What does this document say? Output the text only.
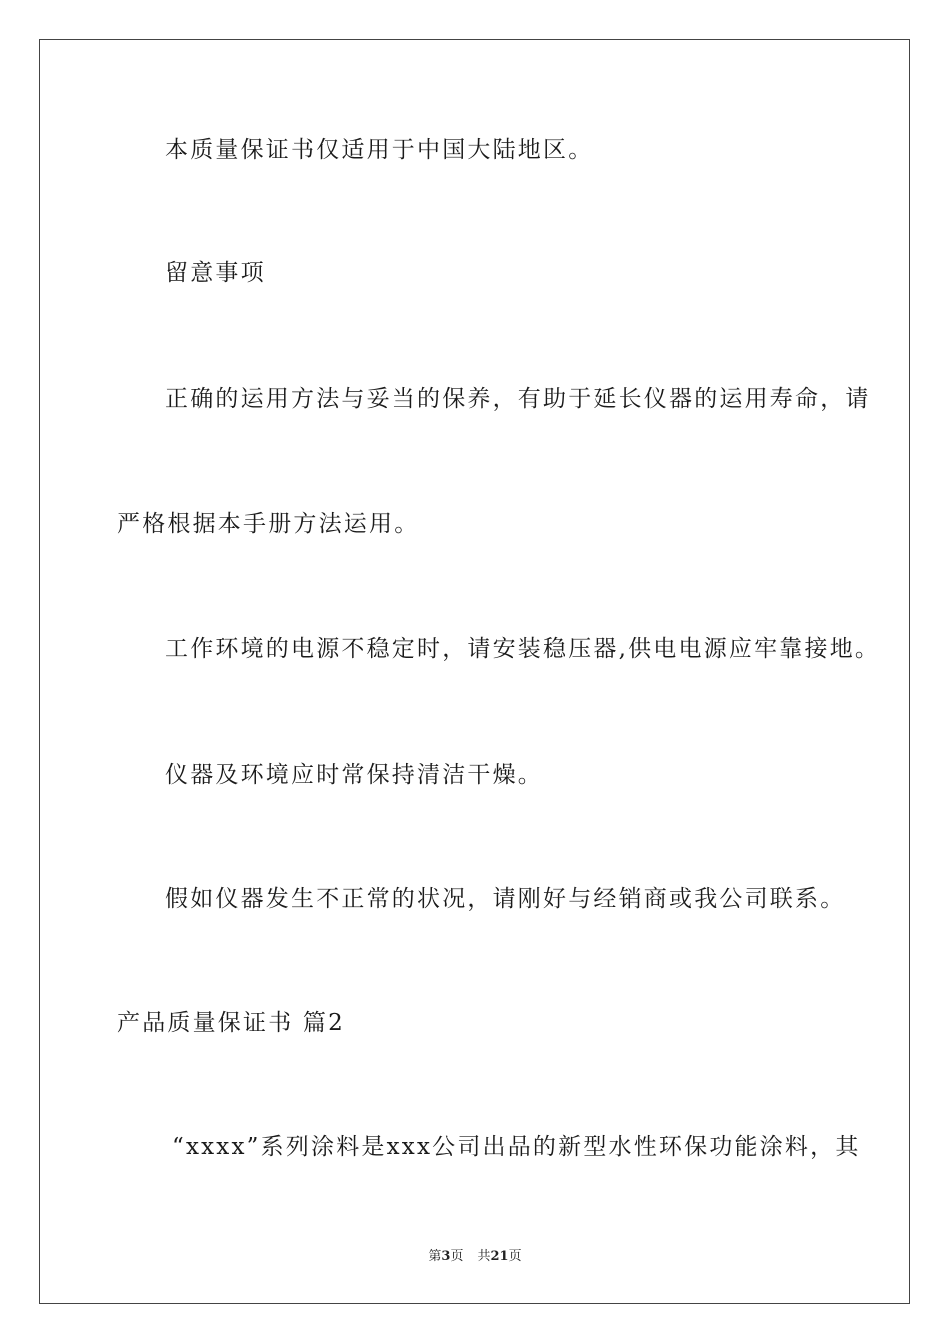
本质量保证书仅适用于中国大陆地区。
留意事项
正确的运用方法与妥当的保养，有助于延长仪器的运用寿命，请
严格根据本手册方法运用。
工作环境的电源不稳定时，请安装稳压器,供电电源应牢靠接地。
仪器及环境应时常保持清洁干燥。
假如仪器发生不正常的状况，请刚好与经销商或我公司联系。
产品质量保证书 篇2
“xxxx”系列涂料是xxx公司出品的新型水性环保功能涂料，其
第3页 共21页
